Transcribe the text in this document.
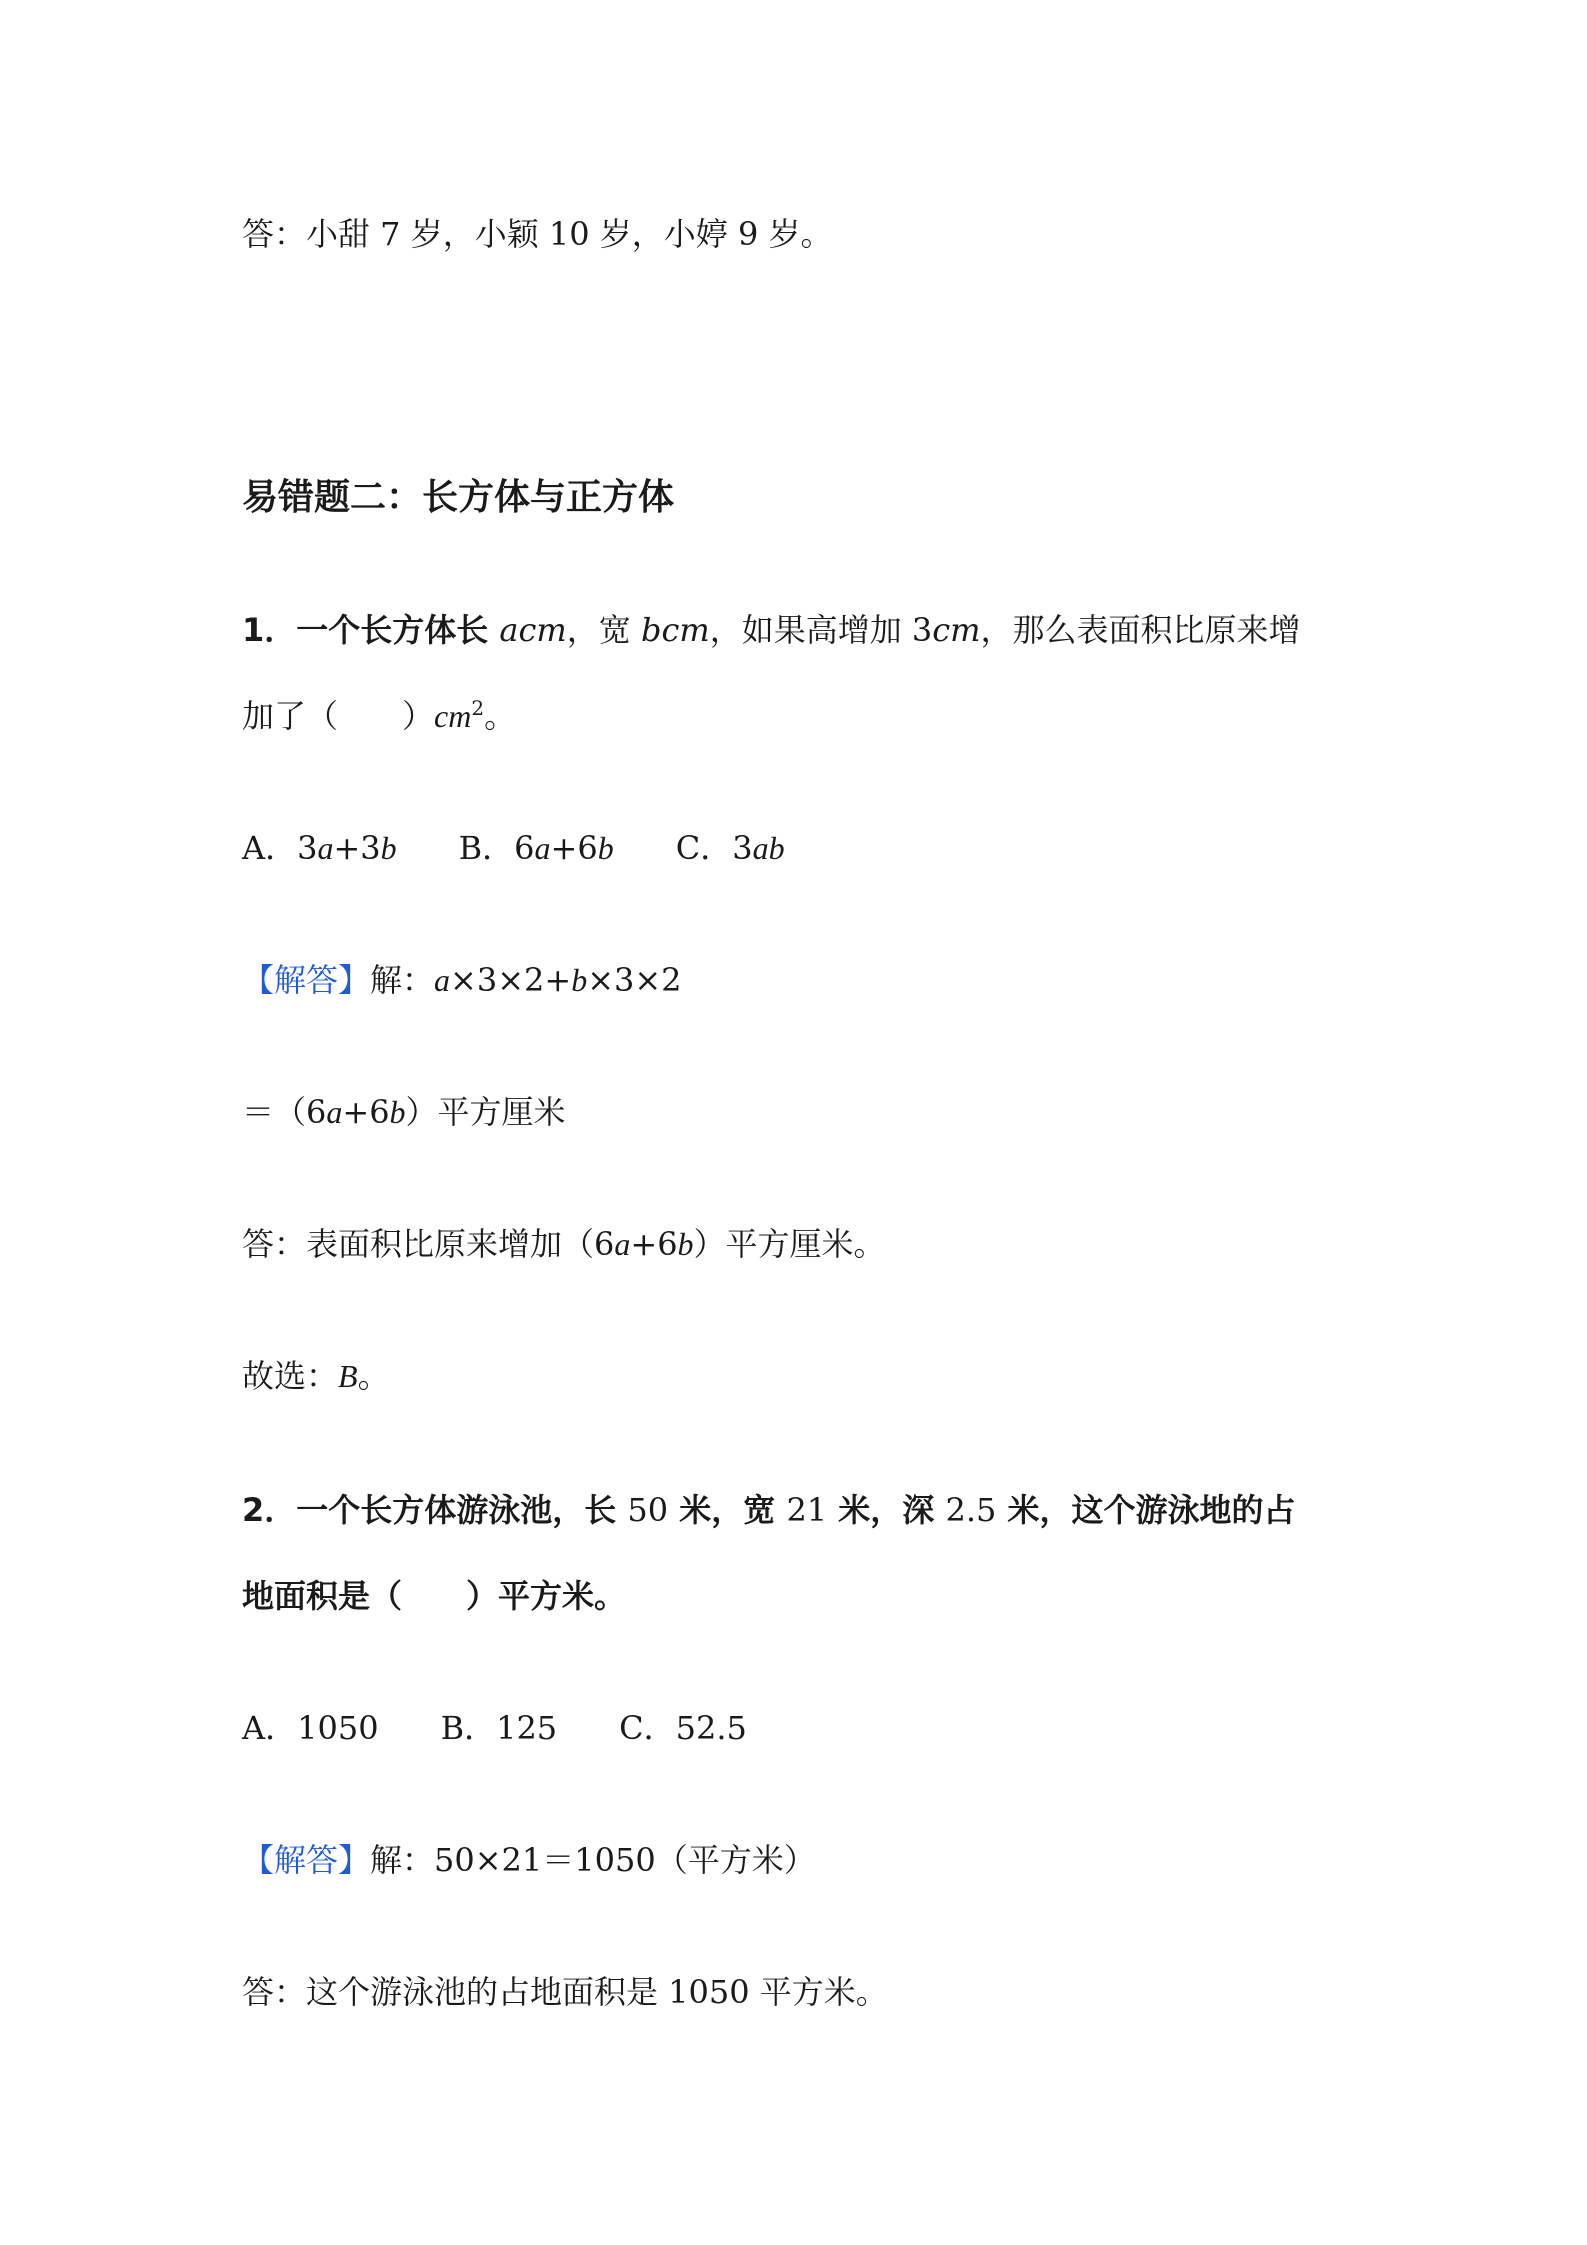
答：小甜 7 岁，小颖 10 岁，小婷 9 岁。
易错题二：长方体与正方体
1．一个长方体长 acm，宽 bcm，如果高增加 3cm，那么表面积比原来增
加了（　　）$cm^2$。
A．3a+3b B．6a+6b C．3ab
【解答】解：a×3×2+b×3×2
＝（6a+6b）平方厘米
答：表面积比原来增加（6a+6b）平方厘米。
故选：B。
2．一个长方体游泳池，长 50 米，宽 21 米，深 2.5 米，这个游泳地的占
地面积是（　　）平方米。
A．1050 B．125 C．52.5
【解答】解：50×21＝1050（平方米）
答：这个游泳池的占地面积是 1050 平方米。
